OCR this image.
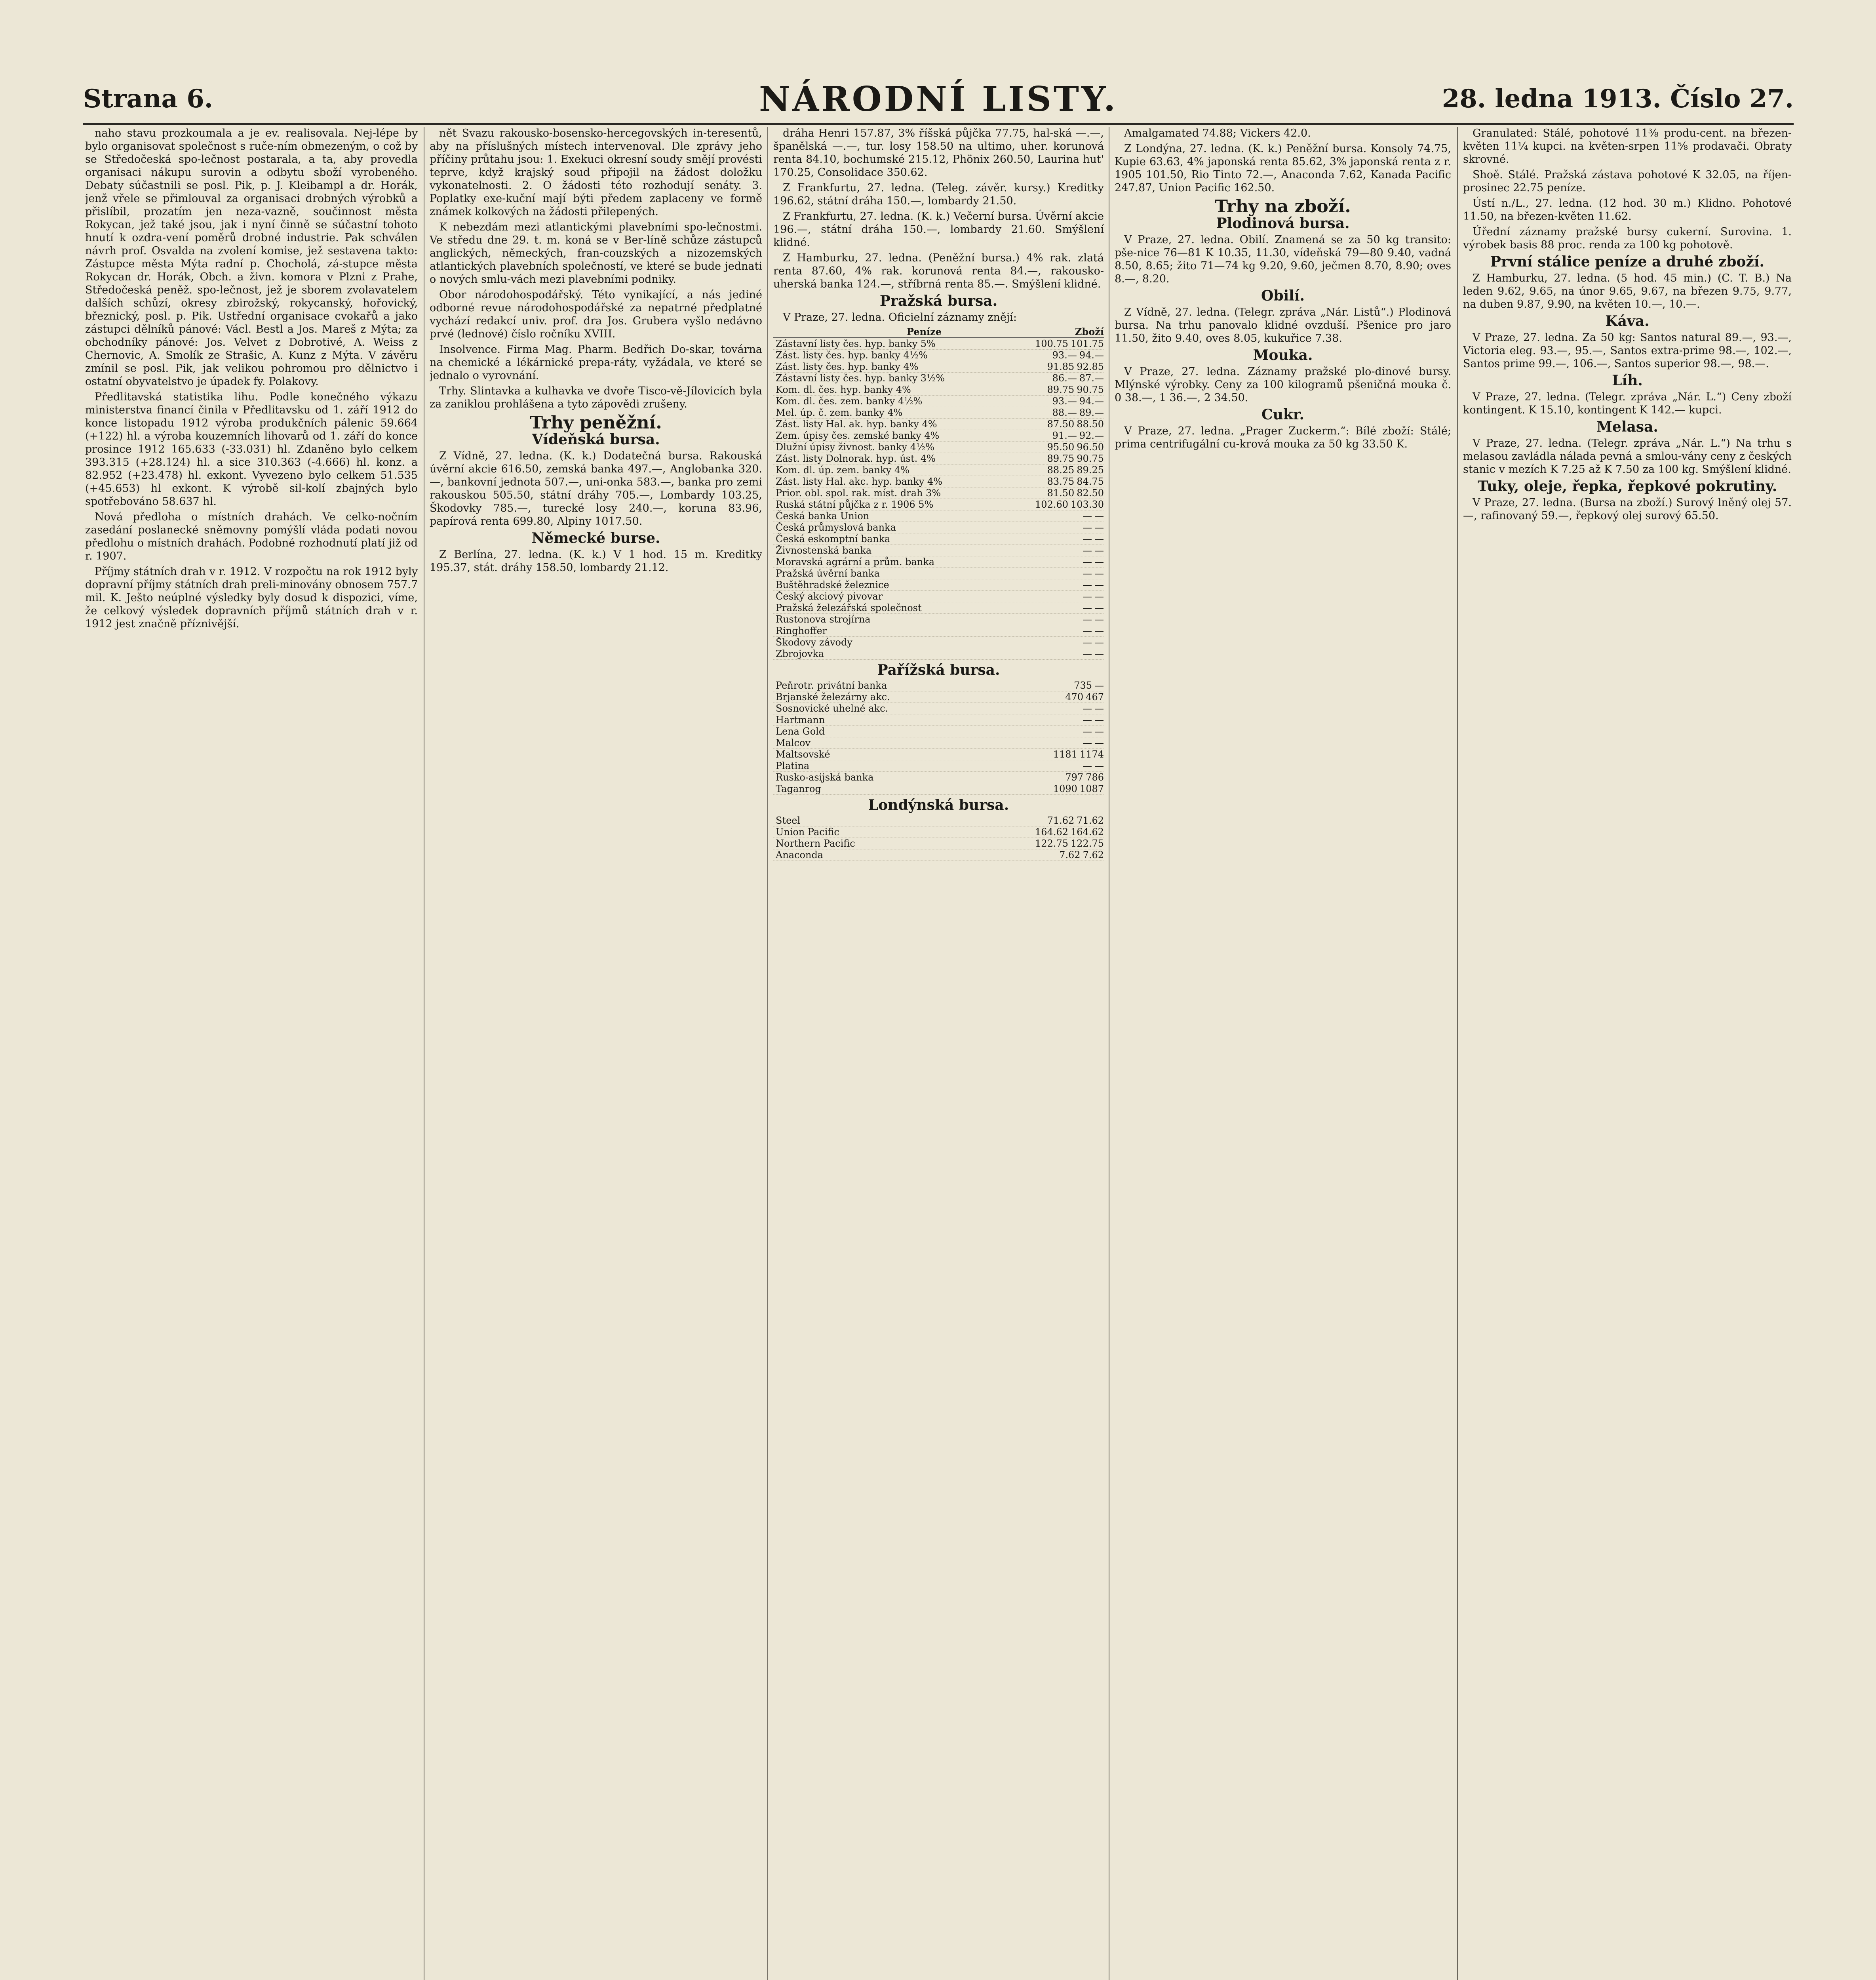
Strana 6.	NÁRODNÍ LISTY.	28. ledna 1913. Číslo 27.

naho stavu prozkoumala a je ev. realisovala. Nej-lépe by bylo organisovat společnost s ruče-ním obmezeným, o což by se Středočeská spo-lečnost postarala, a ta, aby provedla organisaci nákupu surovin a odbytu sboží vyrobeného. Debaty súčastnili se posl. Pik, p. J. Kleibampl a dr. Horák, jenž vřele se přimlouval za organisaci drobných výrobků a přislíbil, prozatím jen neza-vazně, součinnost města Rokycan, jež také jsou, jak i nyní činně se súčastní tohoto hnutí k ozdra-vení poměrů drobné industrie. Pak schválen návrh prof. Osvalda na zvolení komise, jež sestavena takto: Zástupce města Mýta radní p. Chocholá, zá-stupce města Rokycan dr. Horák, Obch. a živn. komora v Plzni z Prahe, Středočeská peněž. spo-lečnost, jež je sborem zvolavatelem dalších schůzí, okresy zbirožský, rokycanský, hořovický, březnický, posl. p. Pik. Ustřední organisace cvokařů a jako zástupci dělníků pánové: Václ. Bestl a Jos. Mareš z Mýta; za obchodníky pánové: Jos. Velvet z Dobrotivé, A. Weiss z Chernovic, A. Smolík ze Strašic, A. Kunz z Mýta. V závěru zmínil se posl. Pik, jak velikou pohromou pro dělnictvo i ostatní obyvatelstvo je úpadek fy. Polakovy.

Předlitavská statistika lihu. Podle konečného výkazu ministerstva financí činila v Předlitavsku od 1. září 1912 do konce listopadu 1912 výroba produkčních pálenic 59.664 (+122) hl. a výroba kouzemních lihovarů od 1. září do konce prosince 1912 165.633 (-33.031) hl. Zdaněno bylo celkem 393.315 (+28.124) hl. a sice 310.363 (-4.666) hl. konz. a 82.952 (+23.478) hl. exkont. Vyvezeno bylo celkem 51.535 (+45.653) hl exkont. K výrobě sil-kolí zbajných bylo spotřebováno 58.637 hl.

Nová předloha o místních drahách. Ve celko-nočním zasedání poslanecké sněmovny pomýšlí vláda podati novou předlohu o místních drahách. Podobné rozhodnutí platí již od r. 1907.

Příjmy státních drah v r. 1912. V rozpočtu na rok 1912 byly dopravní příjmy státních drah preli-minovány obnosem 757.7 mil. K. Ješto neúplné výsledky byly dosud k dispozici, víme, že celkový výsledek dopravních příjmů státních drah v r. 1912 jest značně příznivější.

nět Svazu rakousko-bosensko-hercegovských in-teresentů, aby na příslušných místech intervenoval. Dle zprávy jeho příčiny průtahu jsou: 1. Exekuci okresní soudy smějí provésti teprve, když krajský soud připojil na žádost doložku vykonatelnosti. 2. O žádosti této rozhodují senáty. 3. Poplatky exe-kuční mají býti předem zaplaceny ve formě známek kolkových na žádosti přilepených.

K nebezdám mezi atlantickými plavebními spo-lečnostmi. Ve středu dne 29. t. m. koná se v Ber-líně schůze zástupců anglických, německých, fran-couzských a nizozemských atlantických plavebních společností, ve které se bude jednati o nových smlu-vách mezi plavebními podniky.

Obor národohospodářský. Této vynikající, a nás jediné odborné revue národohospodářské za nepatrné předplatné vychází redakcí univ. prof. dra Jos. Grubera vyšlo nedávno prvé (lednové) číslo ročníku XVIII.

Insolvence. Firma Mag. Pharm. Bedřich Do-skar, továrna na chemické a lékárnické prepa-ráty, vyžádala, ve které se jednalo o vyrovnání.

Trhy. Slintavka a kulhavka ve dvoře Tisco-vě-Jílovicích byla za zaniklou prohlášena a tyto zápovědi zrušeny.

Trhy peněžní.
Vídeňská bursa.

Z Vídně, 27. ledna. (K. k.) Dodatečná bursa. Rakouská úvěrní akcie 616.50, zemská banka 497.—, Anglobanka 320.—, bankovní jednota 507.—, uni-onka 583.—, banka pro zemi rakouskou 505.50, státní dráhy 705.—, Lombardy 103.25, Škodovky 785.—, turecké losy 240.—, koruna 83.96, papírová renta 699.80, Alpiny 1017.50.

Německé burse.

Z Berlína, 27. ledna. (K. k.) V 1 hod. 15 m. Kreditky 195.37, stát. dráhy 158.50, lombardy 21.12.

dráha Henri 157.87, 3% říšská půjčka 77.75, hal-ská —.—, španělská —.—, tur. losy 158.50 na ultimo, uher. korunová renta 84.10, bochumské 215.12, Phönix 260.50, Laurina hut' 170.25, Consolidace 350.62.

Z Frankfurtu, 27. ledna. (Teleg. závěr. kursy.) Kreditky 196.62, státní dráha 150.—, lombardy 21.50.

Z Frankfurtu, 27. ledna. (K. k.) Večerní bursa. Úvěrní akcie 196.—, státní dráha 150.—, lombardy 21.60. Smýšlení klidné.

Z Hamburku, 27. ledna. (Peněžní bursa.) 4% rak. zlatá renta 87.60, 4% rak. korunová renta 84.—, rakousko-uherská banka 124.—, stříbrná renta 85.—. Smýšlení klidné.

Pražská bursa.

V Praze, 27. ledna. Oficielní záznamy znějí:

Peníze	Zboží
Zástavní listy čes. hyp. banky 5%	100.75 101.75
Zást. listy čes. hyp. banky 4½%	93.— 94.—
Zást. listy čes. hyp. banky 4%	91.85 92.85
Zástavní listy čes. hyp. banky 3½%	86.— 87.—
Kom. dl. čes. hyp. banky 4%	89.75 90.75
Kom. dl. čes. zem. banky 4½%	93.— 94.—
Mel. úp. č. zem. banky 4%	88.— 89.—
Zást. listy Hal. ak. hyp. banky 4%	87.50 88.50
Zem. úpisy čes. zemské banky 4%	91.— 92.—
Dlužní úpisy živnost. banky 4½%	95.50 96.50
Zást. listy Dolnorak. hyp. úst. 4%	89.75 90.75
Kom. dl. úp. zem. banky 4%	88.25 89.25
Zást. listy Hal. akc. hyp. banky 4%	83.75 84.75
Prior. obl. spol. rak. míst. drah 3%	81.50 82.50
Ruská státní půjčka z r. 1906 5%	102.60 103.30
Česká banka Union	— —
Česká průmyslová banka	— —
Česká eskomptní banka	— —
Živnostenská banka	— —
Moravská agrární a prům. banka	— —
Pražská úvěrní banka	— —
Buštěhradské železnice	— —
Český akciový pivovar	— —
Pražská železářská společnost	— —
Rustonova strojírna	— —
Ringhoffer	— —
Škodovy závody	— —
Zbrojovka	— —
Pařížská bursa.
Peňrotr. privátní banka	735 —
Brjanské železárny akc.	470 467
Sosnovické uhelné akc.	— —
Hartmann	— —
Lena Gold	— —
Malcov	— —
Maltsovské	1181 1174
Platina	— —
Rusko-asijská banka	797 786
Taganrog	1090 1087
Londýnská bursa.
Steel	71.62 71.62
Union Pacific	164.62 164.62
Northern Pacific	122.75 122.75
Anaconda	7.62 7.62

Amalgamated 74.88; Vickers 42.0.

Z Londýna, 27. ledna. (K. k.) Peněžní bursa. Konsoly 74.75, Kupie 63.63, 4% japonská renta 85.62, 3% japonská renta z r. 1905 101.50, Rio Tinto 72.—, Anaconda 7.62, Kanada Pacific 247.87, Union Pacific 162.50.

Trhy na zboží.
Plodinová bursa.

V Praze, 27. ledna. Obilí. Znamená se za 50 kg transito: pše-nice 76—81 K 10.35, 11.30, vídeňská 79—80 9.40, vadná 8.50, 8.65; žito 71—74 kg 9.20, 9.60, ječmen 8.70, 8.90; oves 8.—, 8.20.

Obilí.

Z Vídně, 27. ledna. (Telegr. zpráva „Nár. Listů“.) Plodinová bursa. Na trhu panovalo klidné ovzduší. Pšenice pro jaro 11.50, žito 9.40, oves 8.05, kukuřice 7.38.

Mouka.

V Praze, 27. ledna. Záznamy pražské plo-dinové bursy. Mlýnské výrobky. Ceny za 100 kilogramů pšeničná mouka č. 0 38.—, 1 36.—, 2 34.50.

Cukr.

V Praze, 27. ledna. „Prager Zuckerm.“: Bílé zboží: Stálé; prima centrifugální cu-krová mouka za 50 kg 33.50 K.

Granulated: Stálé, pohotové 11⅜ produ-cent. na březen-květen 11¼ kupci. na květen-srpen 11⅝ prodavači. Obraty skrovné.

Shoě. Stálé. Pražská zástava pohotové K 32.05, na říjen-prosinec 22.75 peníze.

Ústí n./L., 27. ledna. (12 hod. 30 m.) Klidno. Pohotové 11.50, na březen-květen 11.62.

Úřední záznamy pražské bursy cukerní. Surovina. 1. výrobek basis 88 proc. renda za 100 kg pohotově.

První stálice peníze a druhé zboží.

Z Hamburku, 27. ledna. (5 hod. 45 min.) (C. T. B.) Na leden 9.62, 9.65, na únor 9.65, 9.67, na březen 9.75, 9.77, na duben 9.87, 9.90, na květen 10.—, 10.—.

Káva.

V Praze, 27. ledna. Za 50 kg: Santos natural 89.—, 93.—, Victoria eleg. 93.—, 95.—, Santos extra-prime 98.—, 102.—, Santos prime 99.—, 106.—, Santos superior 98.—, 98.—.

Líh.

V Praze, 27. ledna. (Telegr. zpráva „Nár. L.“) Ceny zboží kontingent. K 15.10, kontingent K 142.— kupci.

Melasa.

V Praze, 27. ledna. (Telegr. zpráva „Nár. L.“) Na trhu s melasou zavládla nálada pevná a smlou-vány ceny z českých stanic v mezích K 7.25 až K 7.50 za 100 kg. Smýšlení klidné.

Tuky, oleje, řepka, řepkové pokrutiny.

V Praze, 27. ledna. (Bursa na zboží.) Surový lněný olej 57.—, rafinovaný 59.—, řepkový olej surový 65.50.
